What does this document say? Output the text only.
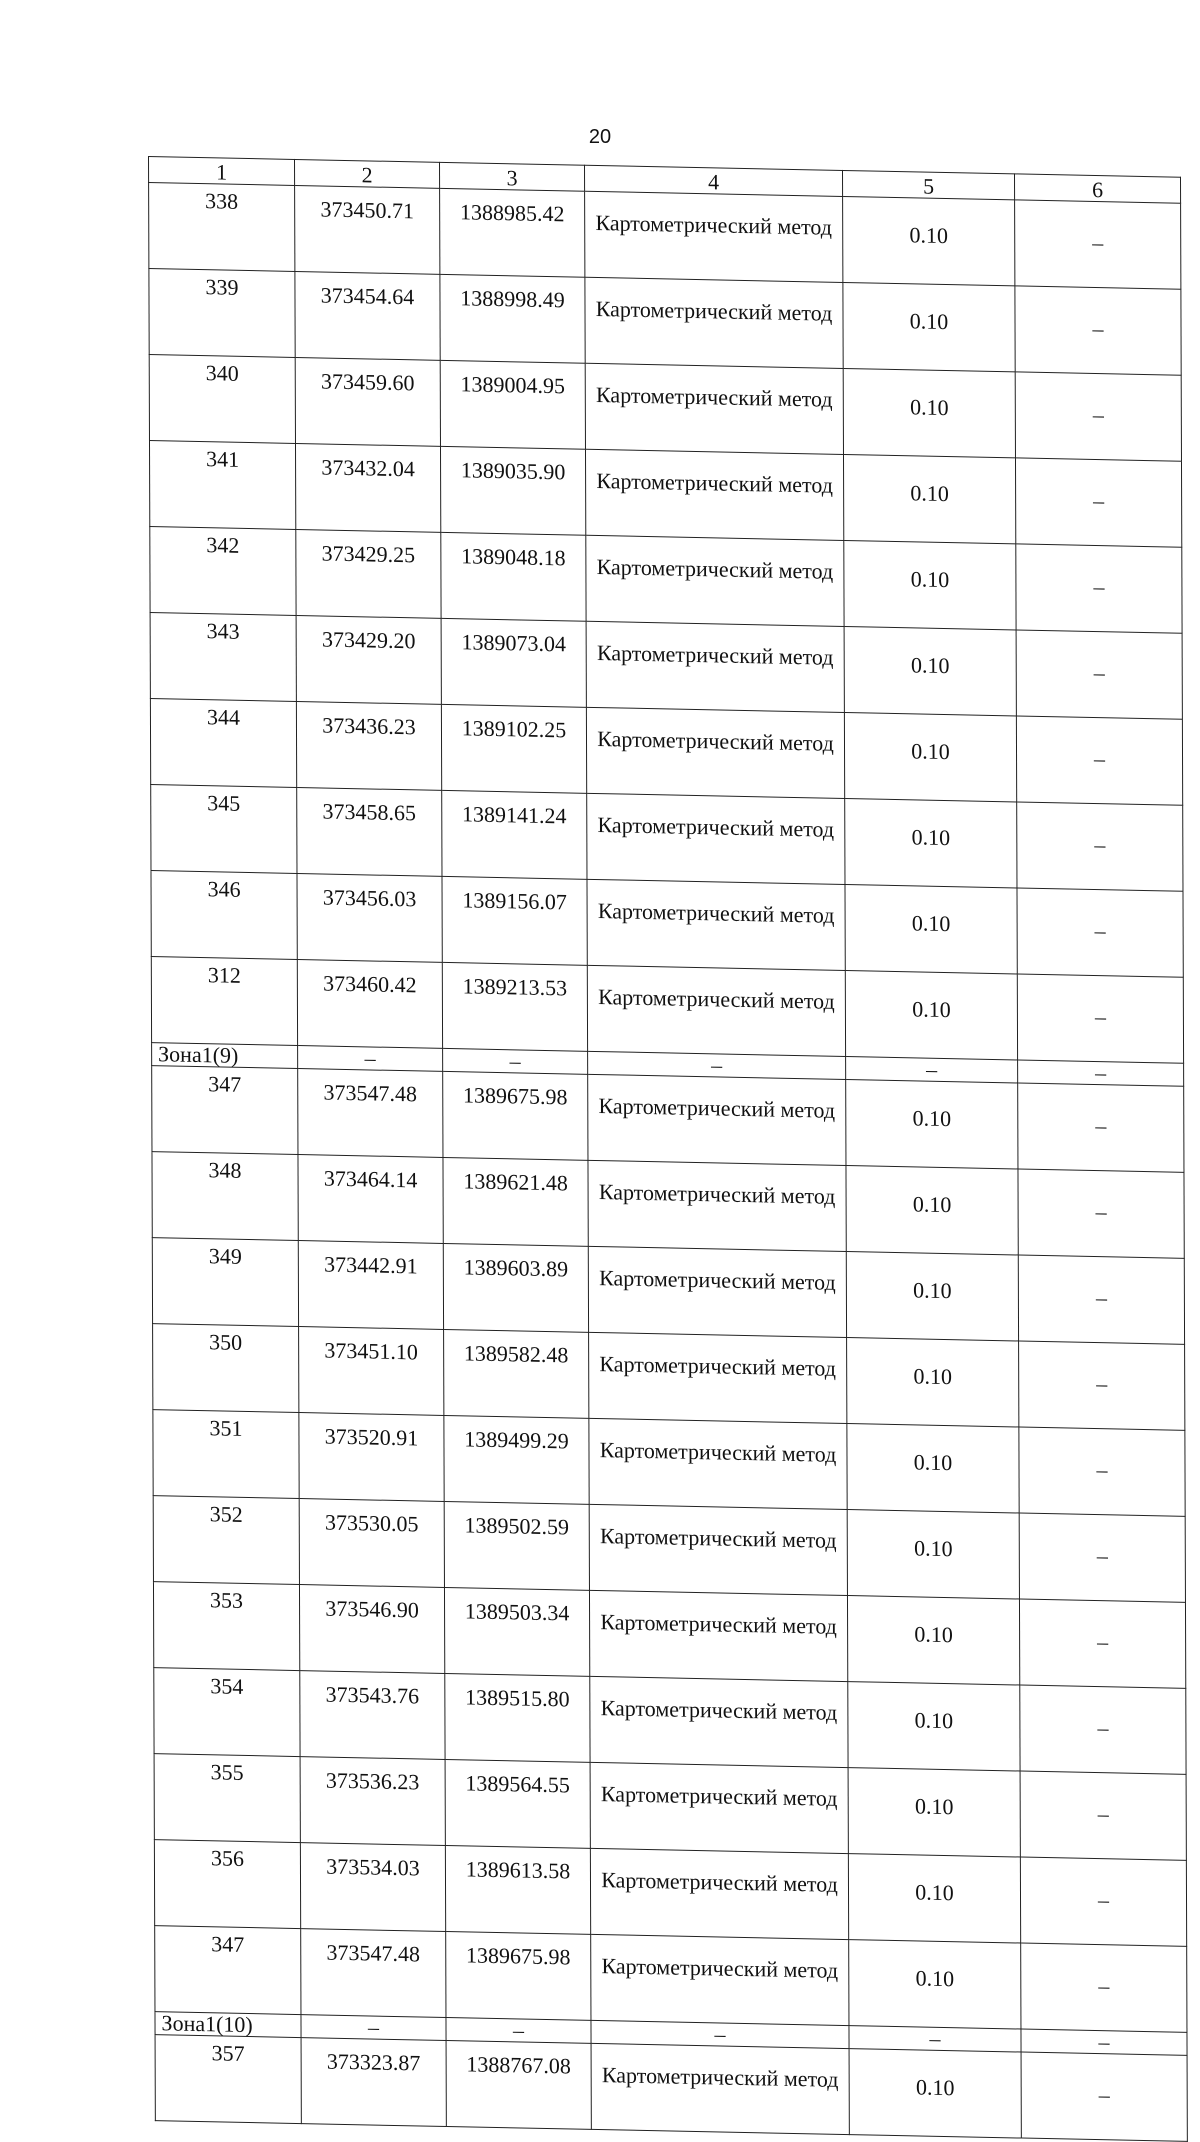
20
1	2	3	4	5	6
338	373450.71	1388985.42	Картометрический метод	0.10	–
339	373454.64	1388998.49	Картометрический метод	0.10	–
340	373459.60	1389004.95	Картометрический метод	0.10	–
341	373432.04	1389035.90	Картометрический метод	0.10	–
342	373429.25	1389048.18	Картометрический метод	0.10	–
343	373429.20	1389073.04	Картометрический метод	0.10	–
344	373436.23	1389102.25	Картометрический метод	0.10	–
345	373458.65	1389141.24	Картометрический метод	0.10	–
346	373456.03	1389156.07	Картометрический метод	0.10	–
312	373460.42	1389213.53	Картометрический метод	0.10	–
Зона1(9)	–	–	–	–	–
347	373547.48	1389675.98	Картометрический метод	0.10	–
348	373464.14	1389621.48	Картометрический метод	0.10	–
349	373442.91	1389603.89	Картометрический метод	0.10	–
350	373451.10	1389582.48	Картометрический метод	0.10	–
351	373520.91	1389499.29	Картометрический метод	0.10	–
352	373530.05	1389502.59	Картометрический метод	0.10	–
353	373546.90	1389503.34	Картометрический метод	0.10	–
354	373543.76	1389515.80	Картометрический метод	0.10	–
355	373536.23	1389564.55	Картометрический метод	0.10	–
356	373534.03	1389613.58	Картометрический метод	0.10	–
347	373547.48	1389675.98	Картометрический метод	0.10	–
Зона1(10)	–	–	–	–	–
357	373323.87	1388767.08	Картометрический метод	0.10	–
